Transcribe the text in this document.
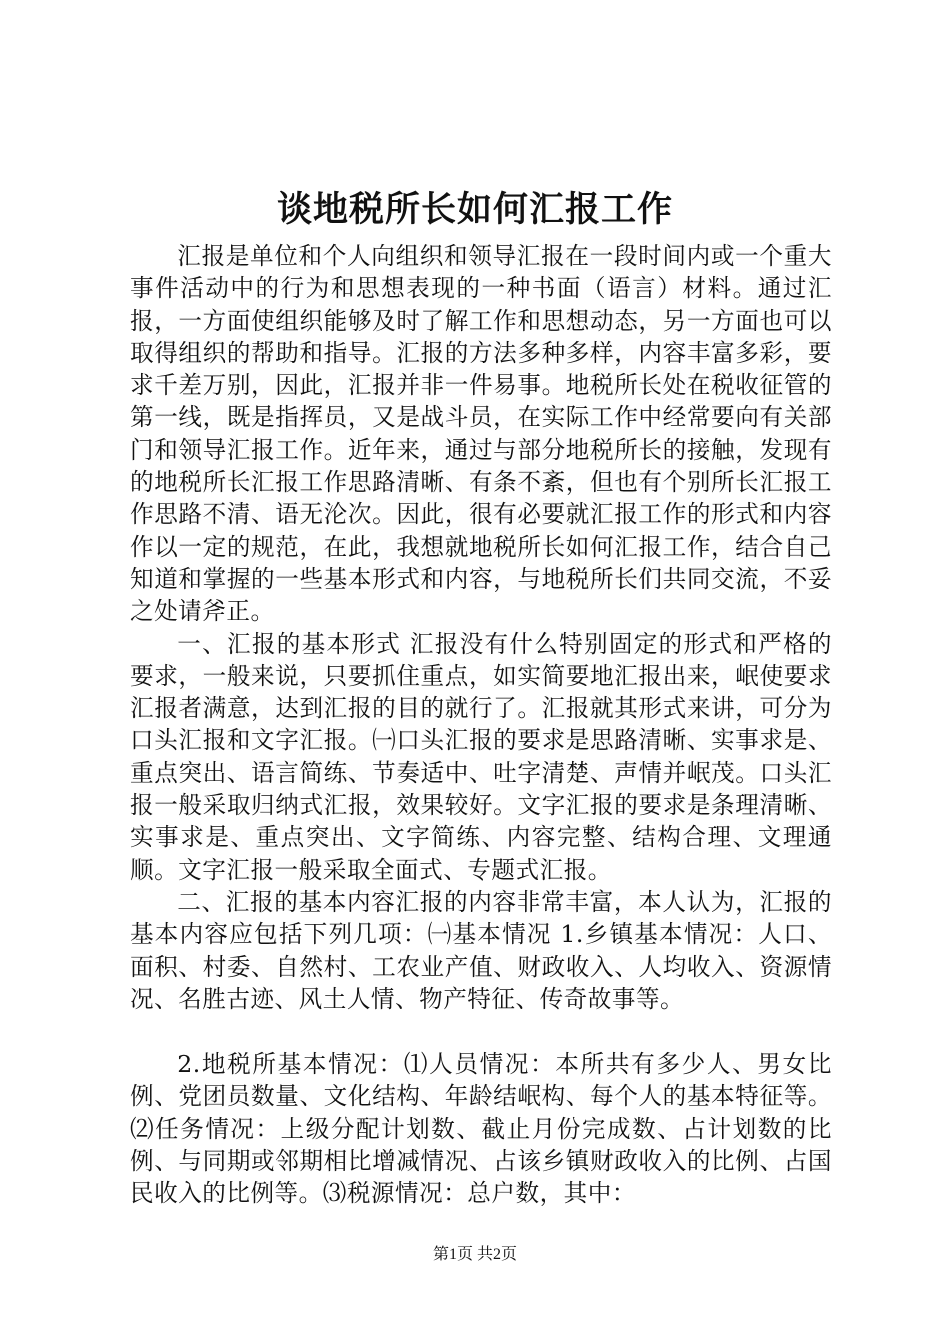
谈地税所长如何汇报工作

汇报是单位和个人向组织和领导汇报在一段时间内或一个重大事件活动中的行为和思想表现的一种书面（语言）材料。通过汇报，一方面使组织能够及时了解工作和思想动态，另一方面也可以取得组织的帮助和指导。汇报的方法多种多样，内容丰富多彩，要求千差万别，因此，汇报并非一件易事。地税所长处在税收征管的第一线，既是指挥员，又是战斗员，在实际工作中经常要向有关部门和领导汇报工作。近年来，通过与部分地税所长的接触，发现有的地税所长汇报工作思路清晰、有条不紊，但也有个别所长汇报工作思路不清、语无沦次。因此，很有必要就汇报工作的形式和内容作以一定的规范，在此，我想就地税所长如何汇报工作，结合自己知道和掌握的一些基本形式和内容，与地税所长们共同交流，不妥之处请斧正。

一、汇报的基本形式 汇报没有什么特别固定的形式和严格的要求，一般来说，只要抓住重点，如实简要地汇报出来，岷使要求汇报者满意，达到汇报的目的就行了。汇报就其形式来讲，可分为口头汇报和文字汇报。㈠口头汇报的要求是思路清晰、实事求是、重点突出、语言简练、节奏适中、吐字清楚、声情并岷茂。口头汇报一般采取归纳式汇报，效果较好。文字汇报的要求是条理清晰、实事求是、重点突出、文字简练、内容完整、结构合理、文理通顺。文字汇报一般采取全面式、专题式汇报。

二、汇报的基本内容汇报的内容非常丰富，本人认为，汇报的基本内容应包括下列几项：㈠基本情况 1.乡镇基本情况：人口、面积、村委、自然村、工农业产值、财政收入、人均收入、资源情况、名胜古迹、风土人情、物产特征、传奇故事等。

2.地税所基本情况：⑴人员情况：本所共有多少人、男女比例、党团员数量、文化结构、年龄结岷构、每个人的基本特征等。⑵任务情况：上级分配计划数、截止月份完成数、占计划数的比例、与同期或邻期相比增减情况、占该乡镇财政收入的比例、占国民收入的比例等。⑶税源情况：总户数，其中：

第1页 共2页
